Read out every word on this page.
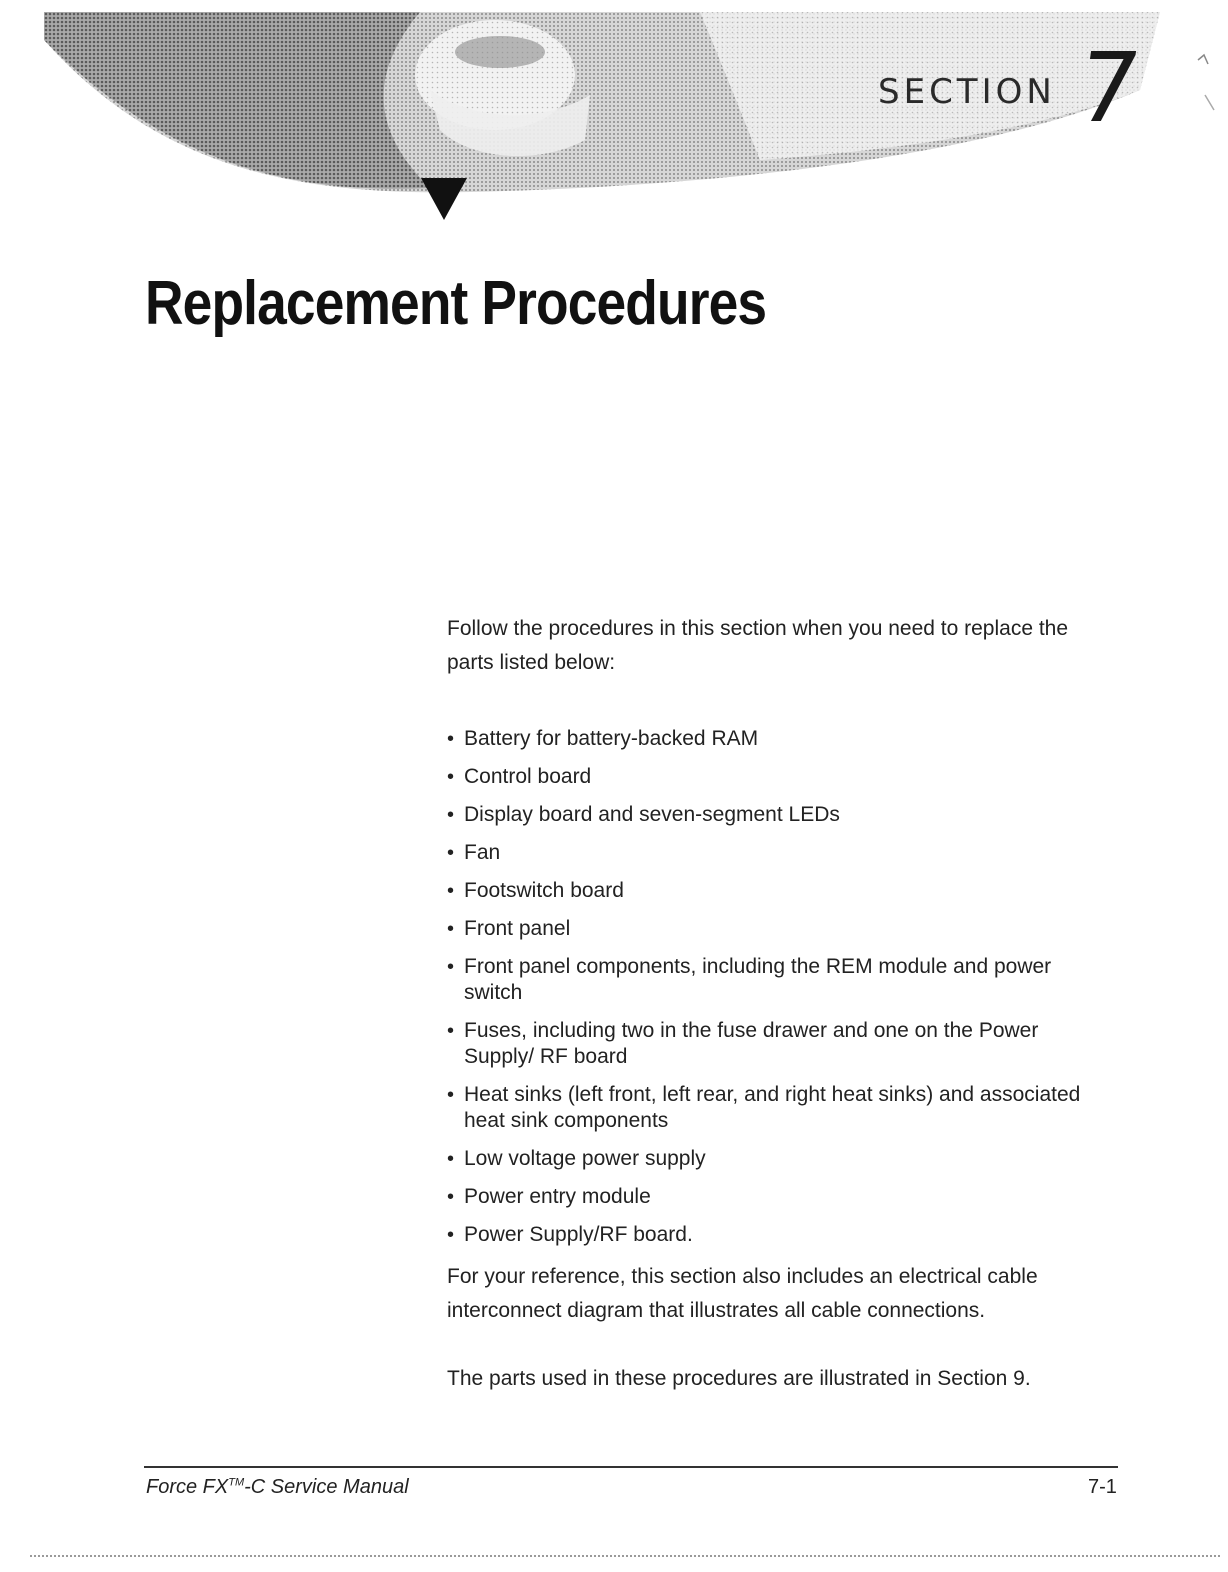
SECTION 7
Replacement Procedures

Follow the procedures in this section when you need to replace the parts listed below:

• Battery for battery-backed RAM
• Control board
• Display board and seven-segment LEDs
• Fan
• Footswitch board
• Front panel
• Front panel components, including the REM module and power switch
• Fuses, including two in the fuse drawer and one on the Power Supply/ RF board
• Heat sinks (left front, left rear, and right heat sinks) and associated heat sink components
• Low voltage power supply
• Power entry module
• Power Supply/RF board.

For your reference, this section also includes an electrical cable interconnect diagram that illustrates all cable connections.

The parts used in these procedures are illustrated in Section 9.

Force FX™-C Service Manual	7-1
